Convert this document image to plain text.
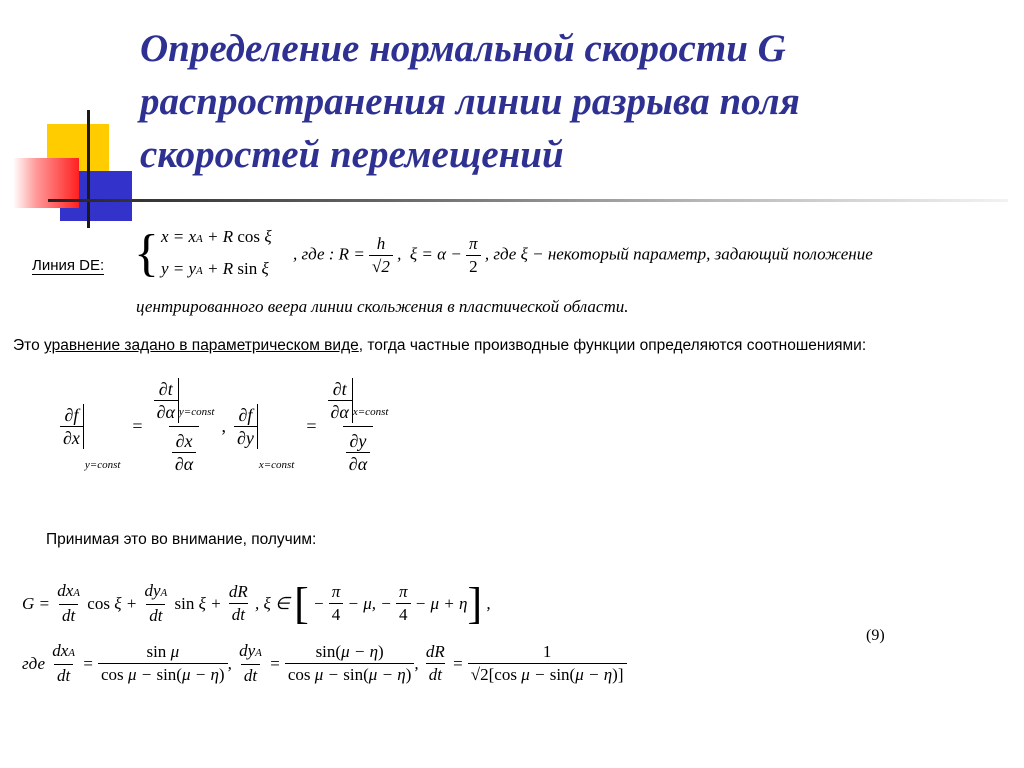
Определение нормальной скорости G
распространения линии разрыва поля
скоростей перемещений
Линия DE: { x = xA + R cos ξ
y = yA + R sin ξ
, где : $R = \frac{h}{√2}$ ,  $\xi = \alpha - \frac{\pi}{2}$ , где ξ − некоторый параметр, задающий положение
центрированного веера линии скольжения в пластической области.
Это уравнение задано в параметрическом виде, тогда частные производные функции определяются соотношениями:
∂f
∂x
y=const
=
∂t
∂α y=const
$\frac{\partial x}{\partial\alpha}$
,
∂f
∂y
x=const
=
∂t
∂α x=const
$\frac{\partial y}{\partial\alpha}$
Принимая это во внимание, получим:
G =
dxA
dt
cos ξ +
dyA
dt
sin ξ +
dR
dt
, ξ ∈ [ −
π
4
− μ, −
π
4
− μ + η ] ,
(9)
где

dxA
dt
=
sin μ
cos μ − sin(μ − η)
,
dyA
dt
=
sin(μ − η)
cos μ − sin(μ − η)
,
dR
dt
=
1
√2[cos μ − sin(μ − η)]
